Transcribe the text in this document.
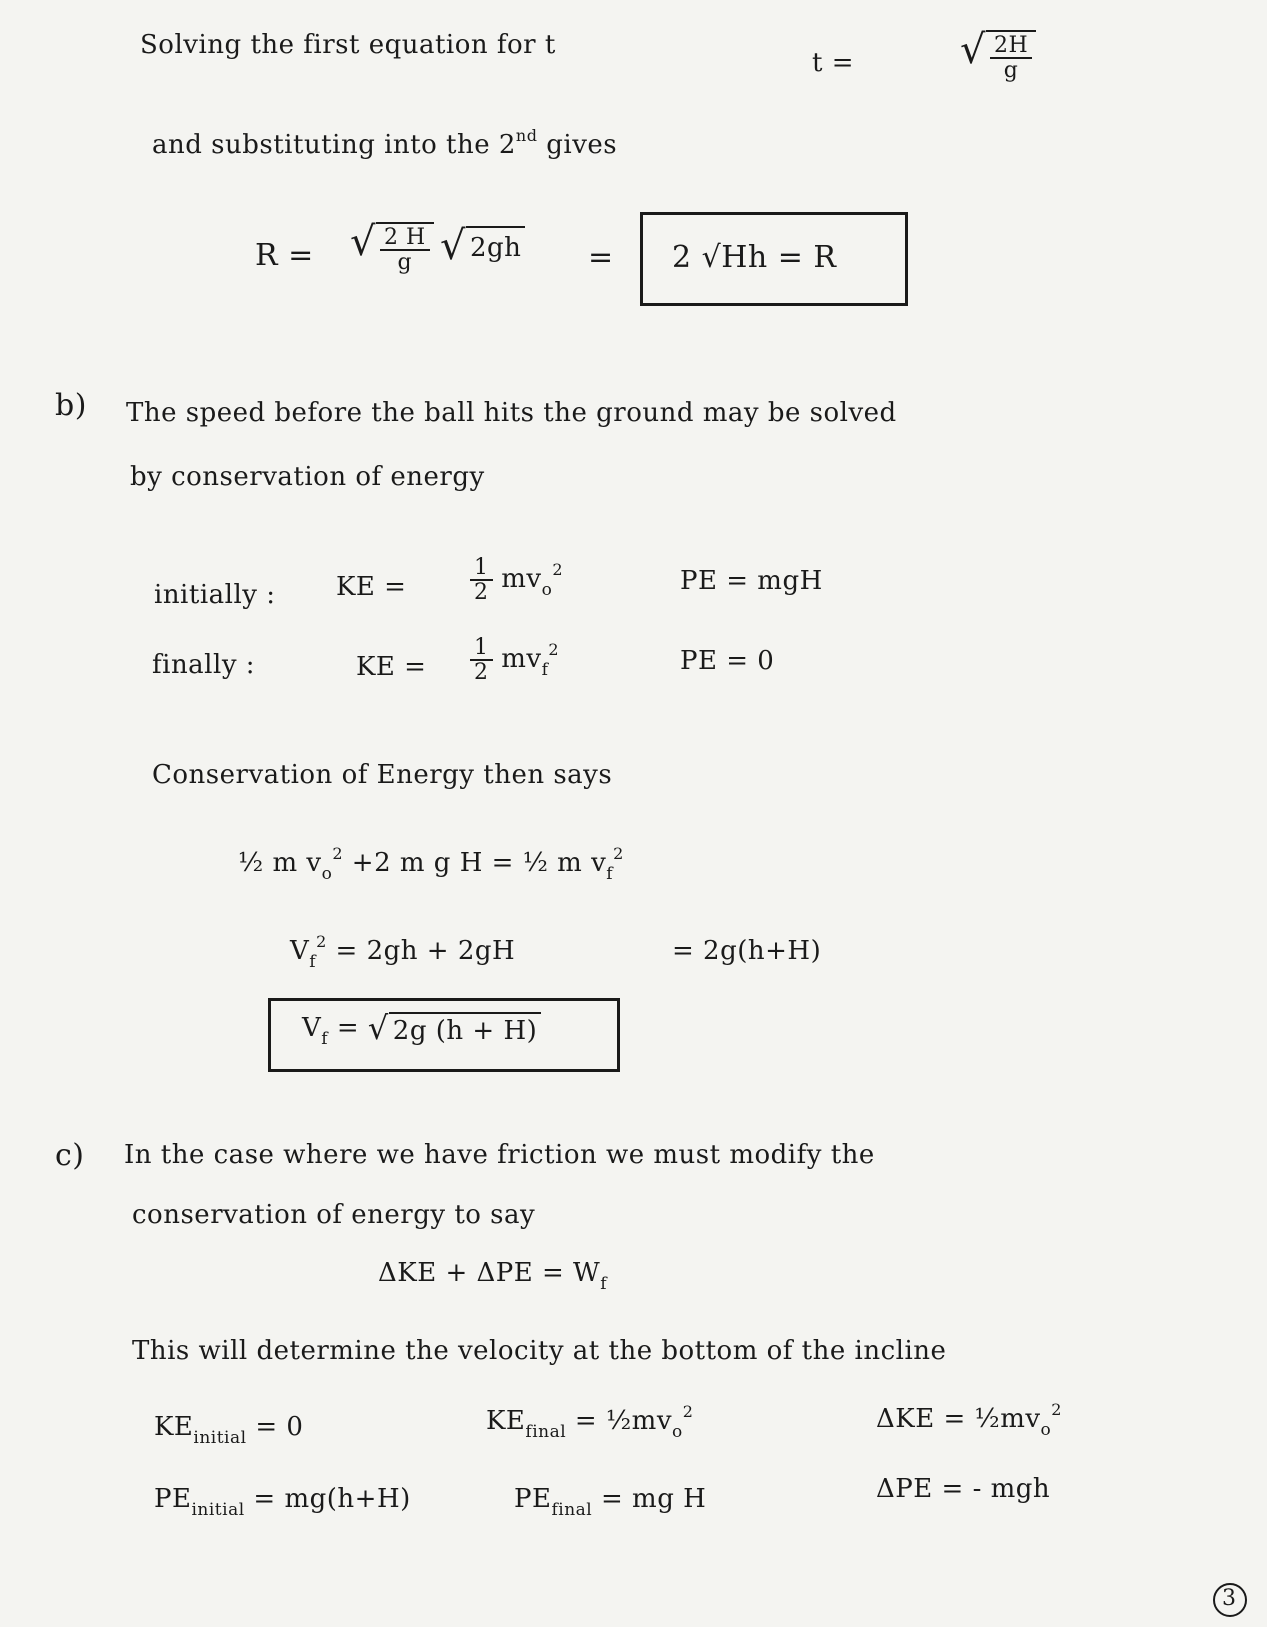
Solving the first equation for t
t =	√ $\frac{2H}{g}$
and substituting into the 2nd gives
R = √ $\frac{2 H}{g}$ √ 2gh = 2 √Hh = R
b) The speed before the ball hits the ground may be solved
by conservation of energy
initially : KE =	$\frac{1}{2} mv_o^2$	PE = mgH
finally :	KE = $\frac{1}{2} mv_f^2$	PE = 0
Conservation of Energy then says
½ m $v_o^2 +2$ m g H = ½ m $v_f^2$
$V_f^2 = 2gh + 2gH$	= 2g(h+H)
$V_f$ = √ 2g (h + H)
c) In the case where we have friction we must modify the
conservation of energy to say
$\Delta KE + \Delta PE = W_f$
This will determine the velocity at the bottom of the incline
$KE_{initial} = 0$	$KE_{final}$ = $\frac{1}{2}mv_o^2$	$\Delta KE = \frac{1}{2}mv_o^2$
$PE_{initial} = mg(h+H)$	$PE_{final}$ = mg H	ΔPE = - mgh
3
